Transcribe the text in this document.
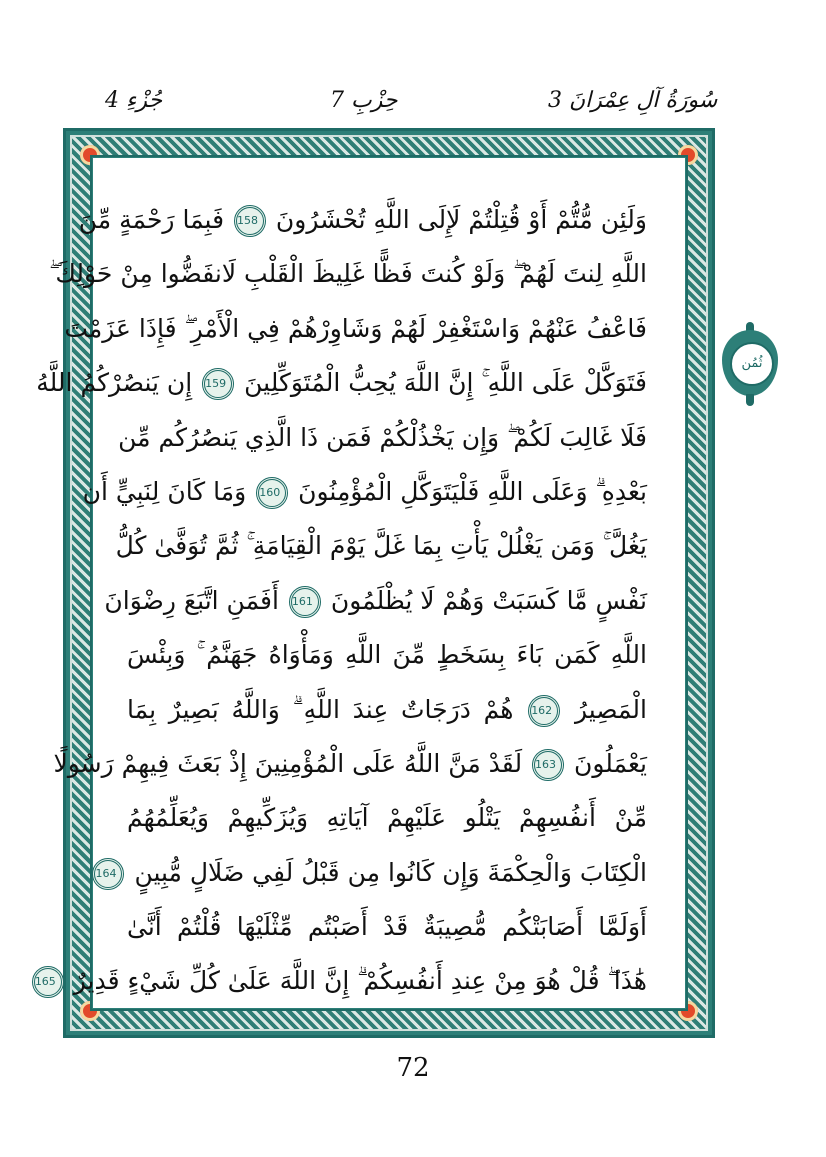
جُزْءِ 4	حِزْبِ 7	3 سُورَةُ آلِ عِمْرَانَ
وَلَئِن مُّتُّمْ أَوْ قُتِلْتُمْ لَإِلَى اللَّهِ تُحْشَرُونَ 158 فَبِمَا رَحْمَةٍ مِّنَ
اللَّهِ لِنتَ لَهُمْ ۖ وَلَوْ كُنتَ فَظًّا غَلِيظَ الْقَلْبِ لَانفَضُّوا مِنْ حَوْلِكَ ۖ
فَاعْفُ عَنْهُمْ وَاسْتَغْفِرْ لَهُمْ وَشَاوِرْهُمْ فِي الْأَمْرِ ۖ فَإِذَا عَزَمْتَ
فَتَوَكَّلْ عَلَى اللَّهِ ۚ إِنَّ اللَّهَ يُحِبُّ الْمُتَوَكِّلِينَ 159 إِن يَنصُرْكُمُ اللَّهُ
فَلَا غَالِبَ لَكُمْ ۖ وَإِن يَخْذُلْكُمْ فَمَن ذَا الَّذِي يَنصُرُكُم مِّن
بَعْدِهِ ۗ وَعَلَى اللَّهِ فَلْيَتَوَكَّلِ الْمُؤْمِنُونَ 160 وَمَا كَانَ لِنَبِيٍّ أَن
يَغُلَّ ۚ وَمَن يَغْلُلْ يَأْتِ بِمَا غَلَّ يَوْمَ الْقِيَامَةِ ۚ ثُمَّ تُوَفَّىٰ كُلُّ
نَفْسٍ مَّا كَسَبَتْ وَهُمْ لَا يُظْلَمُونَ 161 أَفَمَنِ اتَّبَعَ رِضْوَانَ
اللَّهِ كَمَن بَاءَ بِسَخَطٍ مِّنَ اللَّهِ وَمَأْوَاهُ جَهَنَّمُ ۚ وَبِئْسَ
الْمَصِيرُ 162 هُمْ دَرَجَاتٌ عِندَ اللَّهِ ۗ وَاللَّهُ بَصِيرٌ بِمَا
يَعْمَلُونَ 163 لَقَدْ مَنَّ اللَّهُ عَلَى الْمُؤْمِنِينَ إِذْ بَعَثَ فِيهِمْ رَسُولًا
مِّنْ أَنفُسِهِمْ يَتْلُو عَلَيْهِمْ آيَاتِهِ وَيُزَكِّيهِمْ وَيُعَلِّمُهُمُ
الْكِتَابَ وَالْحِكْمَةَ وَإِن كَانُوا مِن قَبْلُ لَفِي ضَلَالٍ مُّبِينٍ 164
أَوَلَمَّا أَصَابَتْكُم مُّصِيبَةٌ قَدْ أَصَبْتُم مِّثْلَيْهَا قُلْتُمْ أَنَّىٰ
هَٰذَا ۖ قُلْ هُوَ مِنْ عِندِ أَنفُسِكُمْ ۗ إِنَّ اللَّهَ عَلَىٰ كُلِّ شَيْءٍ قَدِيرٌ 165
ثُمُن
72
